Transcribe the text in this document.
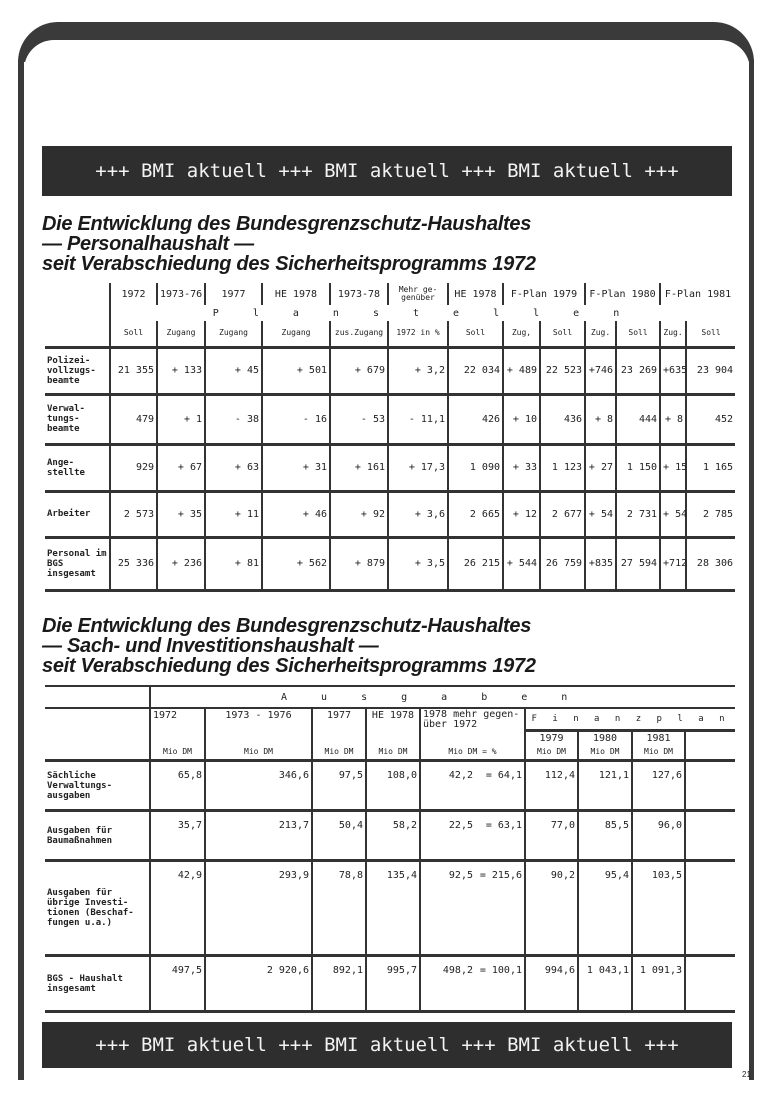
+++ BMI aktuell +++ BMI aktuell +++ BMI aktuell +++
Die Entwicklung des Bundesgrenzschutz-Haushaltes
— Personalhaushalt —
seit Verabschiedung des Sicherheitsprogramms 1972
	1972	1973-76	1977	HE 1978	1973-78	Mehr ge- genüber	HE 1978	F-Plan 1979		F-Plan 1980		F-Plan 1981	
	P l a n s t e l l e n												
	Soll	Zugang	Zugang	Zugang	zus.Zugang	1972 in %	Soll	Zug,	Soll	Zug.	Soll	Zug.	Soll
Polizei- vollzugs- beamte	21 355	+ 133	+ 45	+ 501	+ 679	+ 3,2	22 034	+ 489	22 523	+746	23 269	+635	23 904
Verwal- tungs- beamte	479	+ 1	- 38	- 16	- 53	- 11,1	426	+ 10	436	+ 8	444	+ 8	452
Ange- stellte	929	+ 67	+ 63	+ 31	+ 161	+ 17,3	1 090	+ 33	1 123	+ 27	1 150	+ 15	1 165
Arbeiter	2 573	+ 35	+ 11	+ 46	+ 92	+ 3,6	2 665	+ 12	2 677	+ 54	2 731	+ 54	2 785
Personal im BGS insgesamt	25 336	+ 236	+ 81	+ 562	+ 879	+ 3,5	26 215	+ 544	26 759	+835	27 594	+712	28 306
Die Entwicklung des Bundesgrenzschutz-Haushaltes
— Sach- und Investitionshaushalt —
seit Verabschiedung des Sicherheitsprogramms 1972
	A u s g a b e n									
	1972	1973 - 1976	1977	HE 1978	1978 mehr gegen- über 1972		F i n a n z p l a n			
							1979	1980	1981	
	Mio DM	Mio DM	Mio DM	Mio DM	Mio DM = %		Mio DM	Mio DM	Mio DM	
Sächliche Verwaltungs- ausgaben	65,8	346,6	97,5	108,0	42,2	= 64,1	112,4	121,1	127,6	
Ausgaben für Baumaßnahmen	35,7	213,7	50,4	58,2	22,5	= 63,1	77,0	85,5	96,0	
Ausgaben für übrige Investi- tionen (Beschaf- fungen u.a.)	42,9	293,9	78,8	135,4	92,5	= 215,6	90,2	95,4	103,5	
BGS - Haushalt insgesamt	497,5	2 920,6	892,1	995,7	498,2	= 100,1	994,6	1 043,1	1 091,3	
+++ BMI aktuell +++ BMI aktuell +++ BMI aktuell +++
21
